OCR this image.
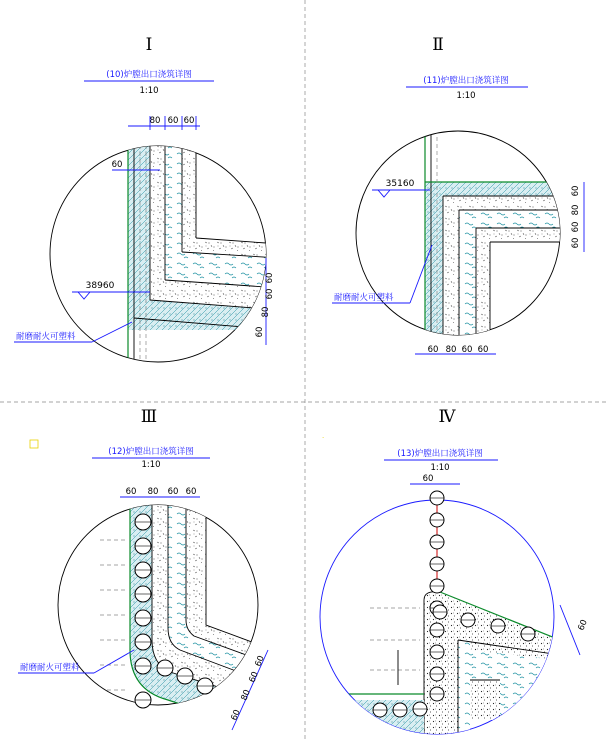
Ⅰ
(10)炉膛出口浇筑详图
1:10
80 60 60
60
38960
60
60
80
60
耐磨耐火可塑料
Ⅱ
(11)炉膛出口浇筑详图
1:10
35160
60
80
60
60
60 80 60 60
耐磨耐火可塑料
Ⅲ
(12)炉膛出口浇筑详图
1:10
60 80 60 60
60
60
80
60
耐磨耐火可塑料
Ⅳ
(13)炉膛出口浇筑详图
1:10
60
60
·
